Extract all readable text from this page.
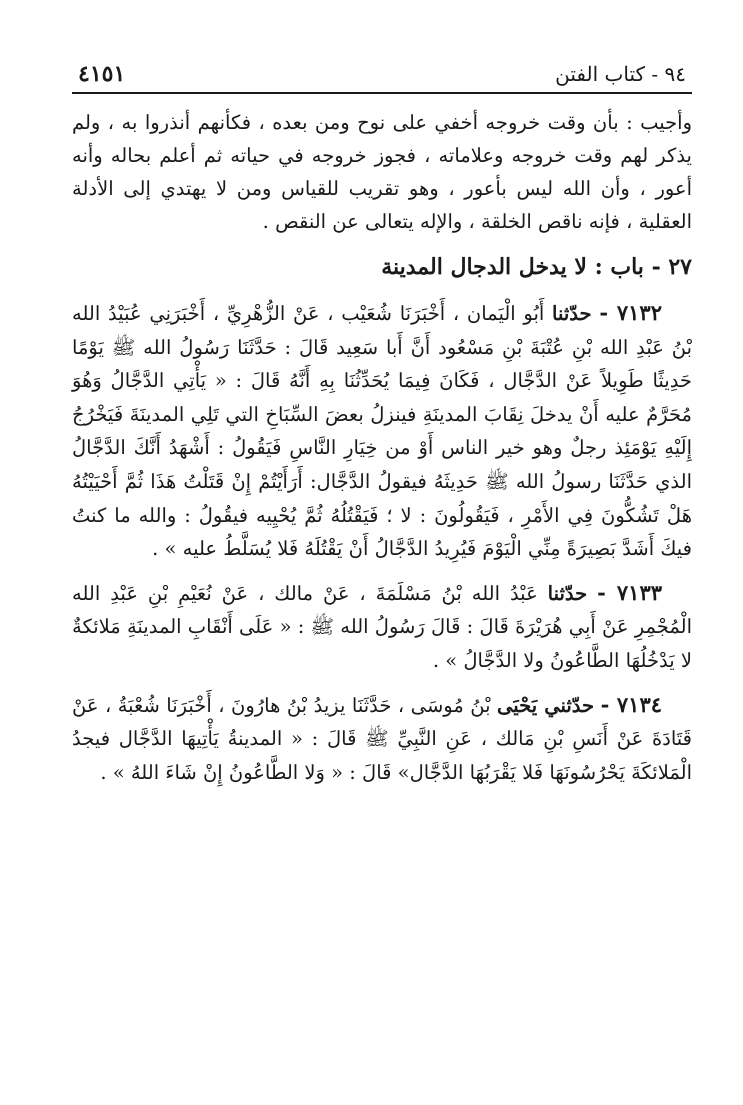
٩٤ - كتاب الفتن
٤١٥١

وأجيب : بأن وقت خروجه أخفي على نوح ومن بعده ، فكأنهم أنذروا به ، ولم يذكر لهم وقت خروجه وعلاماته ، فجوز خروجه في حياته ثم أعلم بحاله وأنه أعور ، وأن الله ليس بأعور ، وهو تقريب للقياس ومن لا يهتدي إلى الأدلة العقلية ، فإنه ناقص الخلقة ، والإله يتعالى عن النقص .

٢٧ - باب : لا يدخل الدجال المدينة

٧١٣٢ - حدّثنا أَبُو الْيَمان ، أَخْبَرَنَا شُعَيْب ، عَنْ الزُّهْرِيِّ ، أَخْبَرَنِي عُبَيْدُ الله بْنُ عَبْدِ الله بْنِ عُتْبَةَ بْنِ مَسْعُود أَنَّ أَبا سَعِيد قَالَ : حَدَّثَنَا رَسُولُ الله ﷺ يَوْمًا حَدِيثًا طَوِيلاً عَنْ الدَّجَّال ، فَكَانَ فِيمَا يُحَدِّثُنَا بِهِ أَنَّهُ قَالَ : « يَأْتِي الدَّجَّالُ وَهُوَ مُحَرَّمٌ عليه أَنْ يدخلَ نِقَابَ المدينَةِ فينزلُ بعضَ السِّبَاخِ التي تَلِي المدينَةَ فَيَخْرُجُ إِلَيْهِ يَوْمَئِذ رجلٌ وهو خير الناس أَوْ من خِيَارِ النَّاسِ فَيَقُولُ : أَشْهَدُ أَنَّكَ الدَّجَّالُ الذي حَدَّثَنَا رسولُ الله ﷺ حَدِيثَهُ فيقولُ الدَّجَّال: أَرَأَيْتُمْ إِنْ قَتَلْتُ هَذَا ثُمَّ أَحْيَيْتُهُ هَلْ تَشُكُّونَ فِي الأَمْرِ ، فَيَقُولُونَ : لا ؛ فَيَقْتُلُهُ ثُمَّ يُحْيِيه فيقُولُ : والله ما كنتُ فيكَ أَشَدَّ بَصِيرَةً مِنِّي الْيَوْمَ فَيُرِيدُ الدَّجَّالُ أَنْ يَقْتُلَهُ فَلا يُسَلَّطُ عليه » .

٧١٣٣ - حدّثنا عَبْدُ الله بْنُ مَسْلَمَةَ ، عَنْ مالك ، عَنْ نُعَيْمِ بْنِ عَبْدِ الله الْمُجْمِرِ عَنْ أَبِي هُرَيْرَةَ قَالَ : قَالَ رَسُولُ الله ﷺ : « عَلَى أَنْقَابِ المدينَةِ مَلائكةٌ لا يَدْخُلُهَا الطَّاعُونُ ولا الدَّجَّالُ » .

٧١٣٤ - حدّثني يَحْيَى بْنُ مُوسَى ، حَدَّثَنَا يزيدُ بْنُ هارُونَ ، أَخْبَرَنَا شُعْبَةُ ، عَنْ قَتَادَةَ عَنْ أَنَسِ بْنِ مَالك ، عَنِ النَّبِيِّ ﷺ قَالَ : « المدينةُ يَأْتِيهَا الدَّجَّال فيجدُ الْمَلائكَةَ يَحْرُسُونَهَا فَلا يَقْرَبُهَا الدَّجَّال» قَالَ : « وَلا الطَّاعُونُ إِنْ شَاءَ اللهُ » .
